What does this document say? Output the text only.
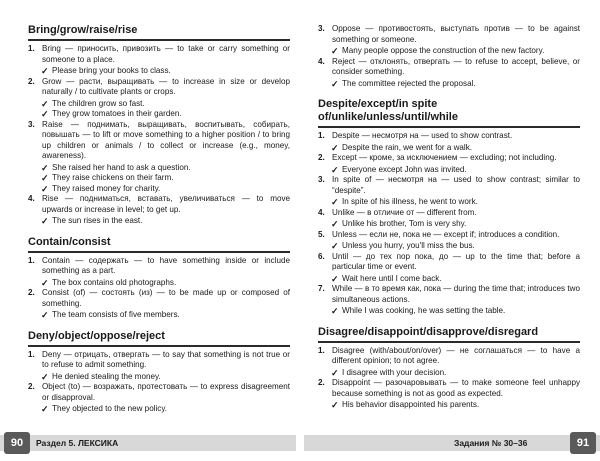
Bring/grow/raise/rise
1. Bring — приносить, привозить — to take or carry something or someone to a place.
✓ Please bring your books to class.
2. Grow — расти, выращивать — to increase in size or develop naturally / to cultivate plants or crops.
✓ The children grow so fast.
✓ They grow tomatoes in their garden.
3. Raise — поднимать, выращивать, воспитывать, собирать, повышать — to lift or move something to a higher position / to bring up children or animals / to collect or increase (e.g., money, awareness).
✓ She raised her hand to ask a question.
✓ They raise chickens on their farm.
✓ They raised money for charity.
4. Rise — подниматься, вставать, увеличиваться — to move upwards or increase in level; to get up.
✓ The sun rises in the east.
Contain/consist
1. Contain — содержать — to have something inside or include something as a part.
✓ The box contains old photographs.
2. Consist (of) — состоять (из) — to be made up or composed of something.
✓ The team consists of five members.
Deny/object/oppose/reject
1. Deny — отрицать, отвергать — to say that something is not true or to refuse to admit something.
✓ He denied stealing the money.
2. Object (to) — возражать, протестовать — to express disagreement or disapproval.
✓ They objected to the new policy.
3. Oppose — противостоять, выступать против — to be against something or someone.
✓ Many people oppose the construction of the new factory.
4. Reject — отклонять, отвергать — to refuse to accept, believe, or consider something.
✓ The committee rejected the proposal.
Despite/except/in spite of/unlike/unless/until/while
1. Despite — несмотря на — used to show contrast.
✓ Despite the rain, we went for a walk.
2. Except — кроме, за исключением — excluding; not including.
✓ Everyone except John was invited.
3. In spite of — несмотря на — used to show contrast; similar to “despite”.
✓ In spite of his illness, he went to work.
4. Unlike — в отличие от — different from.
✓ Unlike his brother, Tom is very shy.
5. Unless — если не, пока не — except if; introduces a condition.
✓ Unless you hurry, you'll miss the bus.
6. Until — до тех пор пока, до — up to the time that; before a particular time or event.
✓ Wait here until I come back.
7. While — в то время как, пока — during the time that; introduces two simultaneous actions.
✓ While I was cooking, he was setting the table.
Disagree/disappoint/disapprove/disregard
1. Disagree (with/about/on/over) — не соглашаться — to have a different opinion; to not agree.
✓ I disagree with your decision.
2. Disappoint — разочаровывать — to make someone feel unhappy because something is not as good as expected.
✓ His behavior disappointed his parents.
90	Раздел 5. ЛЕКСИКА	Задания № 30–36	91
